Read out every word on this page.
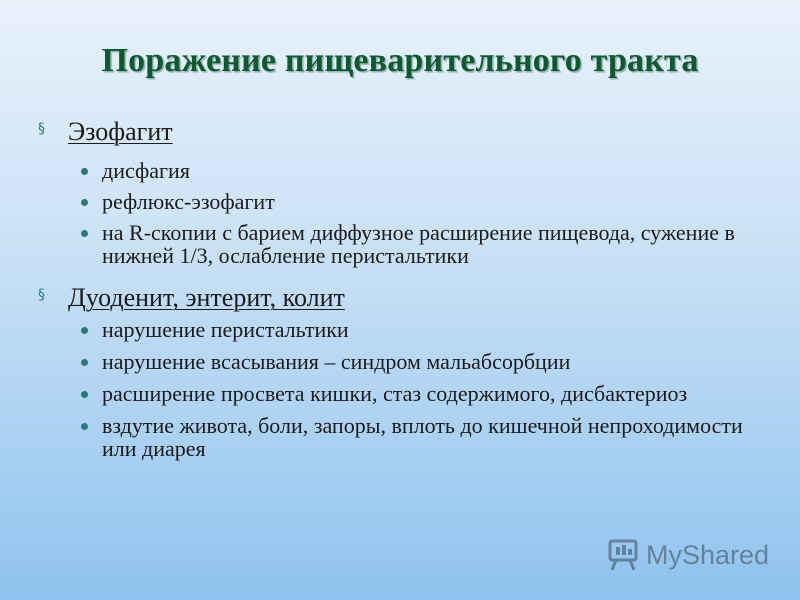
Поражение пищеварительного тракта
§ Эзофагит
дисфагия
рефлюкс-эзофагит
на R-скопии с барием диффузное расширение пищевода, сужение в нижней 1/3, ослабление перистальтики
§ Дуоденит, энтерит, колит
нарушение перистальтики
нарушение всасывания – синдром мальабсорбции
расширение просвета кишки, стаз содержимого, дисбактериоз
вздутие живота, боли, запоры, вплоть до кишечной непроходимости или диарея
MyShared
